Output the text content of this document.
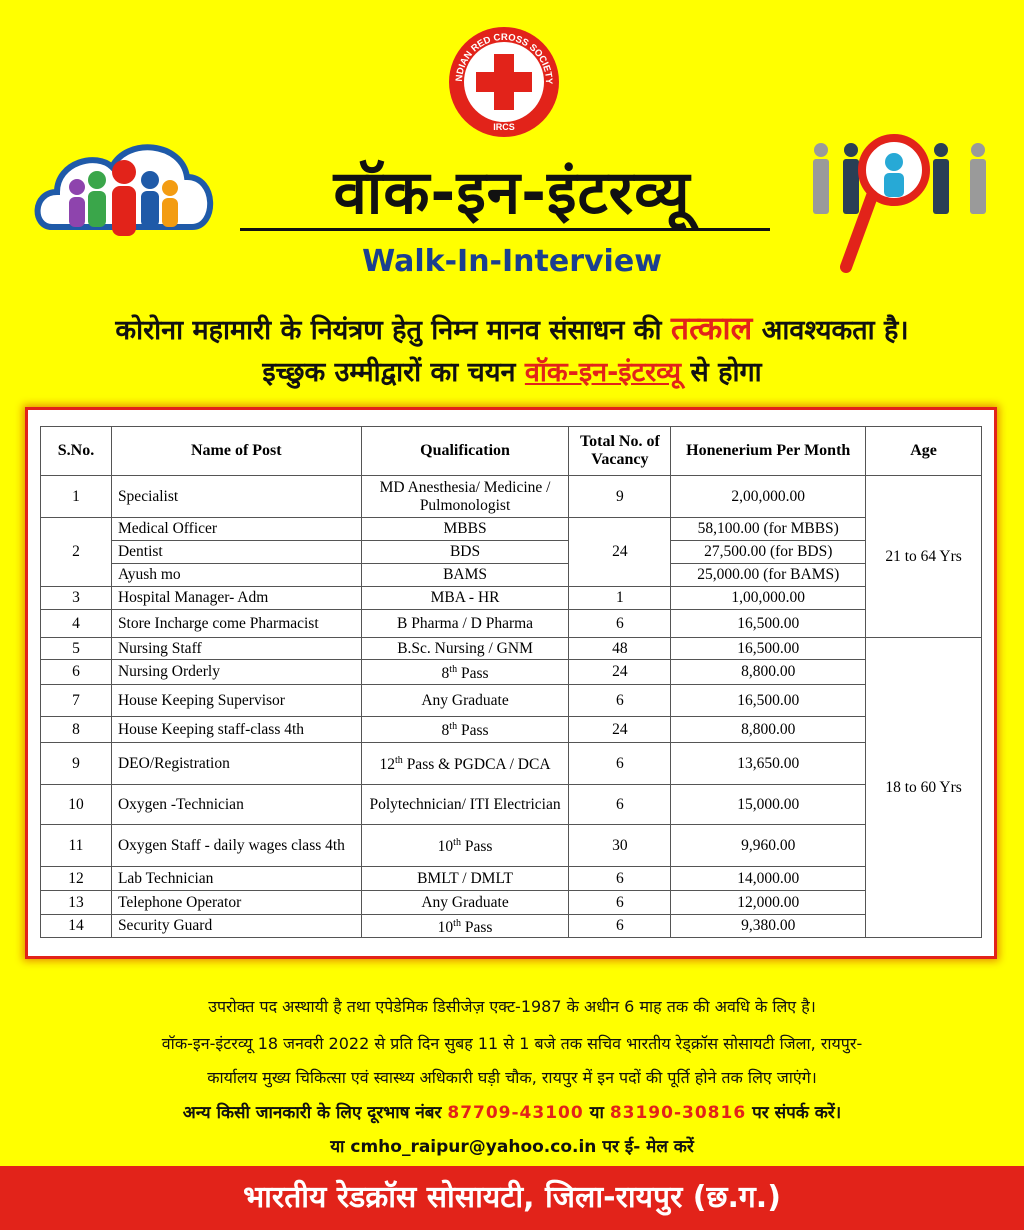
NDIAN RED CROSS SOCIETY
IRCS
वॉक-इन-इंटरव्यू
Walk-In-Interview
कोरोना महामारी के नियंत्रण हेतु निम्न मानव संसाधन की तत्काल आवश्यकता है।
इच्छुक उम्मीद्वारों का चयन वॉक-इन-इंटरव्यू से होगा
S.No.	Name of Post	Qualification	Total No. of Vacancy	Honenerium Per Month	Age
1	Specialist	MD Anesthesia/ Medicine / Pulmonologist	9	2,00,000.00	21 to 64 Yrs
2	Medical Officer	MBBS	24	58,100.00 (for MBBS)	
	Dentist	BDS		27,500.00 (for BDS)	
	Ayush mo	BAMS		25,000.00 (for BAMS)	
3	Hospital Manager- Adm	MBA - HR	1	1,00,000.00	
4	Store Incharge come Pharmacist	B Pharma / D Pharma	6	16,500.00	
5	Nursing Staff	B.Sc. Nursing / GNM	48	16,500.00	18 to 60 Yrs
6	Nursing Orderly	8th Pass	24	8,800.00	
7	House Keeping Supervisor	Any Graduate	6	16,500.00	
8	House Keeping staff-class 4th	8th Pass	24	8,800.00	
9	DEO/Registration	12th Pass & PGDCA / DCA	6	13,650.00	
10	Oxygen -Technician	Polytechnician/ ITI Electrician	6	15,000.00	
11	Oxygen Staff - daily wages class 4th	10th Pass	30	9,960.00	
12	Lab Technician	BMLT / DMLT	6	14,000.00	
13	Telephone Operator	Any Graduate	6	12,000.00	
14	Security Guard	10th Pass	6	9,380.00	
उपरोक्त पद अस्थायी है तथा एपेडेमिक डिसीजेज़ एक्ट-1987 के अधीन 6 माह तक की अवधि के लिए है।
वॉक-इन-इंटरव्यू 18 जनवरी 2022 से प्रति दिन सुबह 11 से 1 बजे तक सचिव भारतीय रेड्क्रॉस सोसायटी जिला, रायपुर-
कार्यालय मुख्य चिकित्सा एवं स्वास्थ्य अधिकारी घड़ी चौक, रायपुर में इन पदों की पूर्ति होने तक लिए जाएंगे।
अन्य किसी जानकारी के लिए दूरभाष नंबर 87709-43100 या 83190-30816 पर संपर्क करें।
या cmho_raipur@yahoo.co.in पर ई- मेल करें
भारतीय रेडक्रॉस सोसायटी, जिला-रायपुर (छ.ग.)
